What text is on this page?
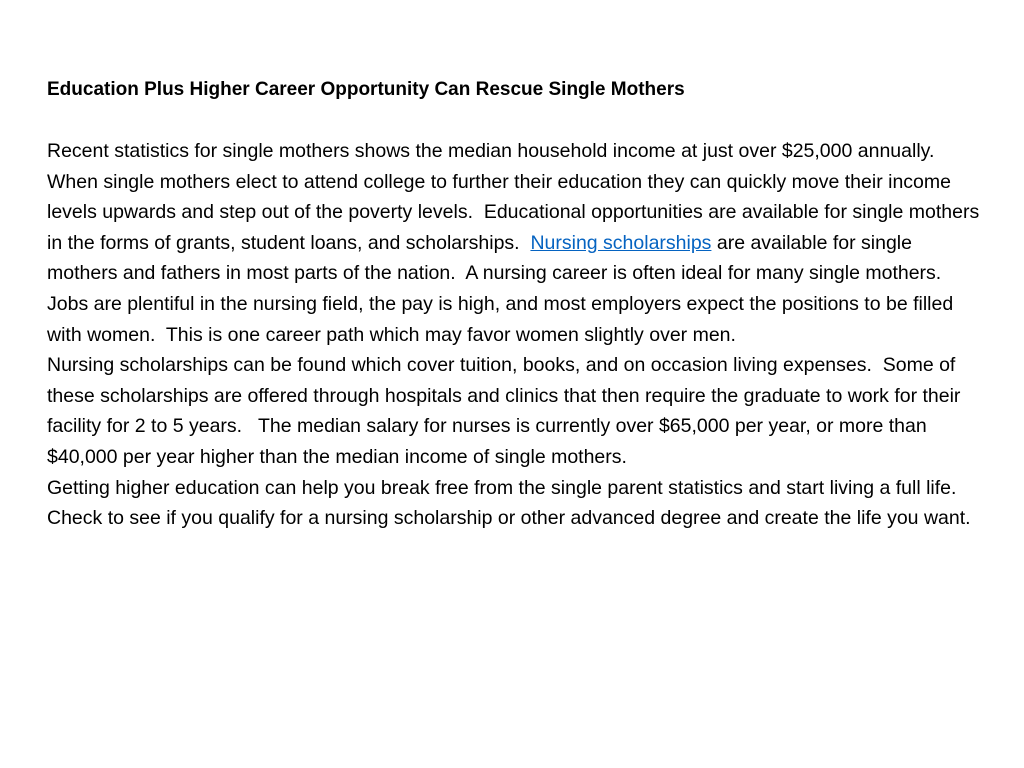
Education Plus Higher Career Opportunity Can Rescue Single Mothers

Recent statistics for single mothers shows the median household income at just over $25,000 annually.  When single mothers elect to attend college to further their education they can quickly move their income levels upwards and step out of the poverty levels.  Educational opportunities are available for single mothers in the forms of grants, student loans, and scholarships.  Nursing scholarships are available for single mothers and fathers in most parts of the nation.  A nursing career is often ideal for many single mothers.  Jobs are plentiful in the nursing field, the pay is high, and most employers expect the positions to be filled with women.  This is one career path which may favor women slightly over men.

Nursing scholarships can be found which cover tuition, books, and on occasion living expenses.  Some of these scholarships are offered through hospitals and clinics that then require the graduate to work for their facility for 2 to 5 years.   The median salary for nurses is currently over $65,000 per year, or more than $40,000 per year higher than the median income of single mothers.

Getting higher education can help you break free from the single parent statistics and start living a full life.  Check to see if you qualify for a nursing scholarship or other advanced degree and create the life you want.
